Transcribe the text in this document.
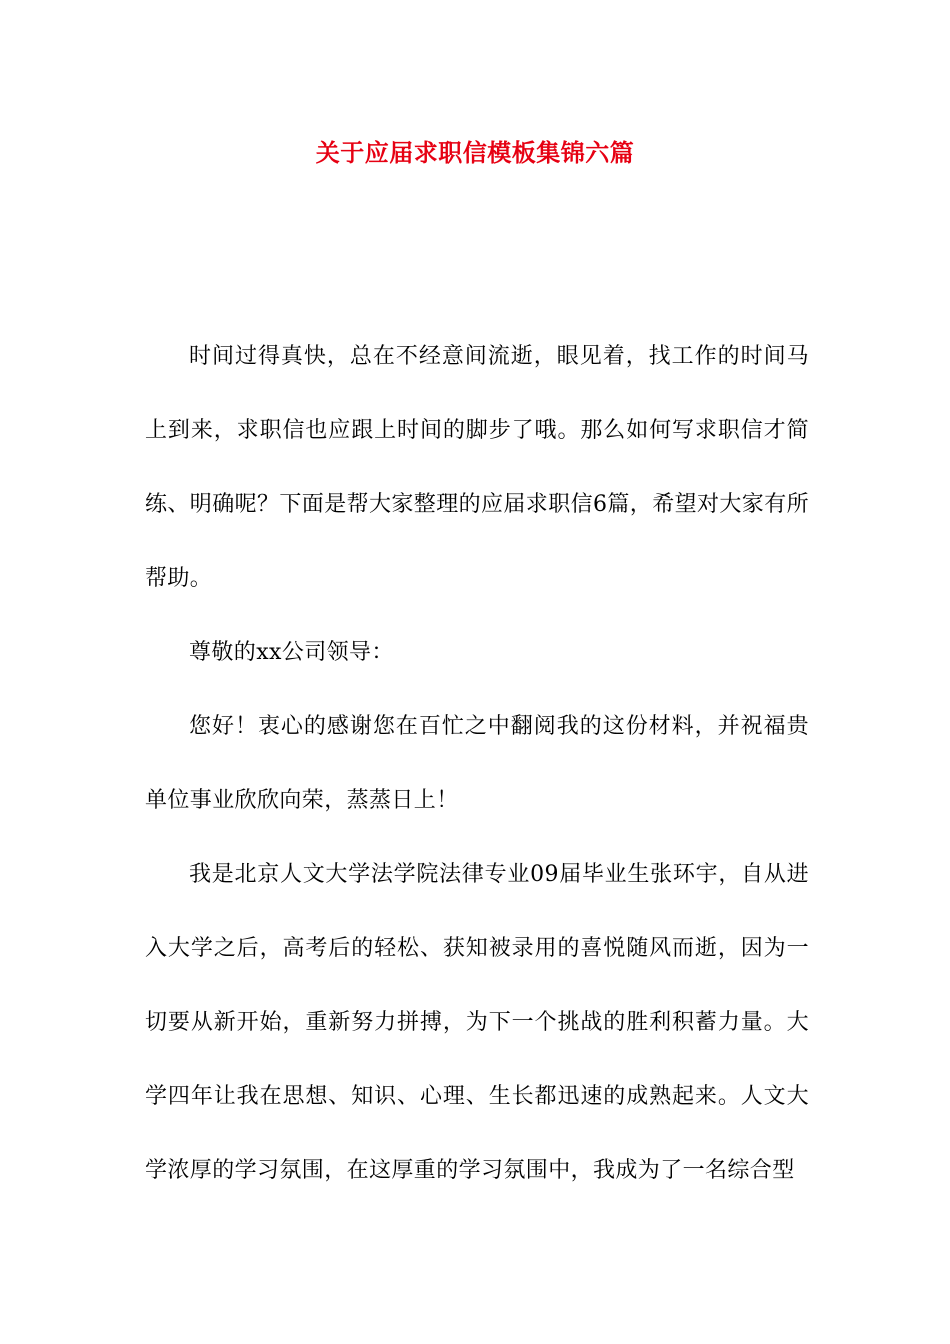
关于应届求职信模板集锦六篇

时间过得真快，总在不经意间流逝，眼见着，找工作的时间马上到来，求职信也应跟上时间的脚步了哦。那么如何写求职信才简练、明确呢？下面是帮大家整理的应届求职信6篇，希望对大家有所帮助。

尊敬的xx公司领导：

您好！衷心的感谢您在百忙之中翻阅我的这份材料，并祝福贵单位事业欣欣向荣，蒸蒸日上！

我是北京人文大学法学院法律专业09届毕业生张环宇，自从进入大学之后，高考后的轻松、获知被录用的喜悦随风而逝，因为一切要从新开始，重新努力拼搏，为下一个挑战的胜利积蓄力量。大学四年让我在思想、知识、心理、生长都迅速的成熟起来。人文大学浓厚的学习氛围，在这厚重的学习氛围中，我成为了一名综合型
